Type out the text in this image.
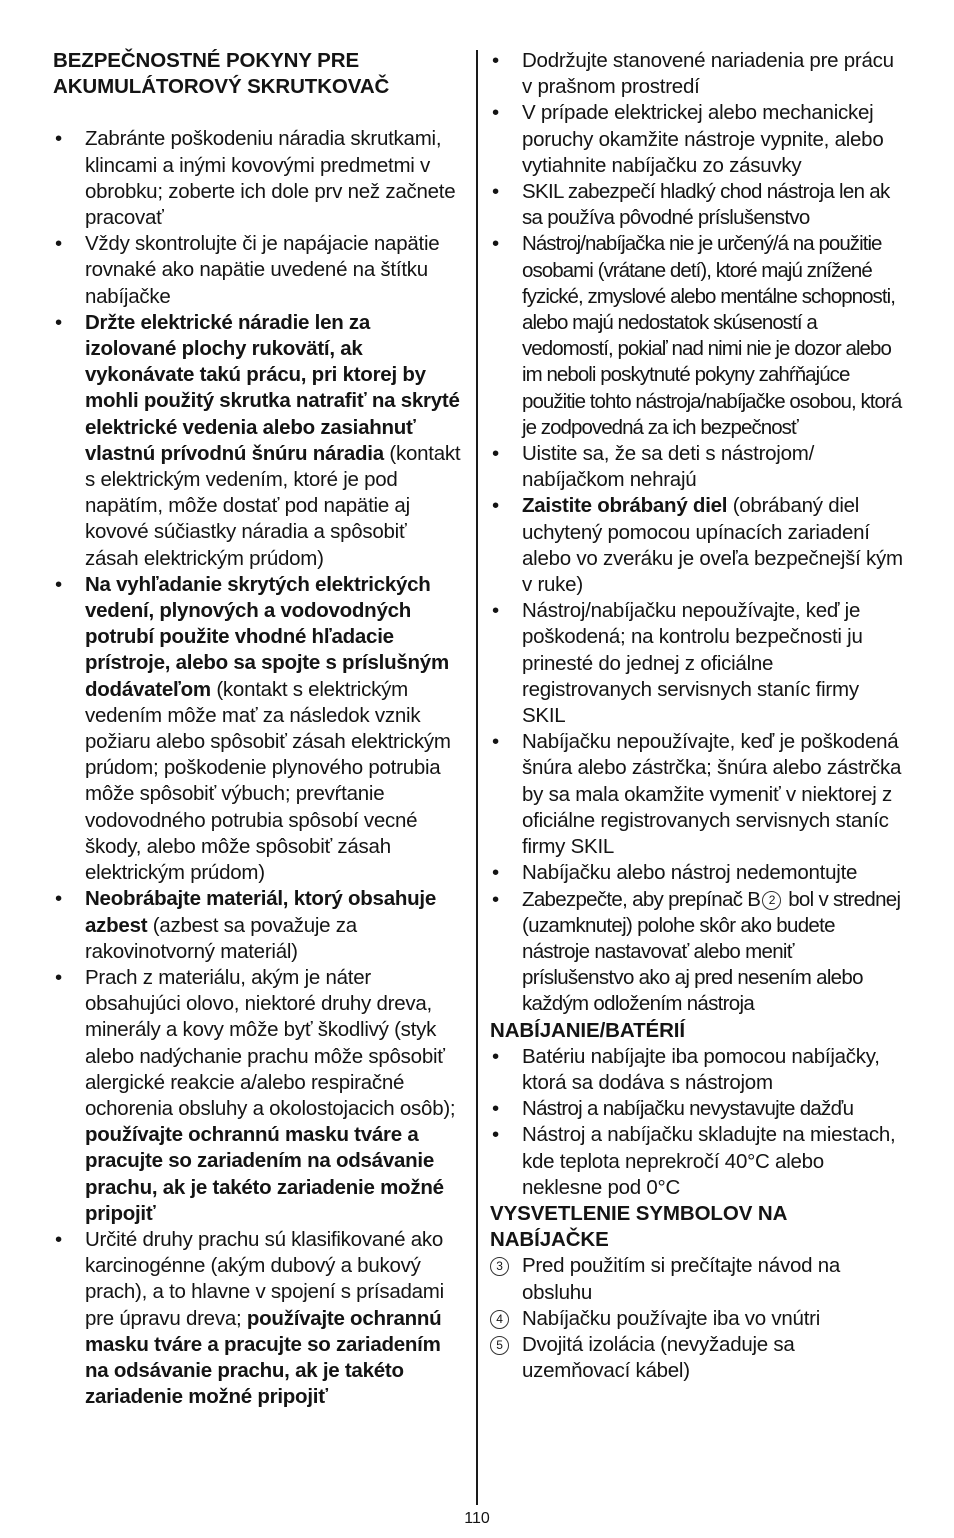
BEZPEČNOSTNÉ POKYNY PRE AKUMULÁTOROVÝ SKRUTKOVAČ

• Zabránte poškodeniu náradia skrutkami, klincami a inými kovovými predmetmi v obrobku; zoberte ich dole prv než začnete pracovať
• Vždy skontrolujte či je napájacie napätie rovnaké ako napätie uvedené na štítku nabíjačke
• Držte elektrické náradie len za izolované plochy rukovätí, ak vykonávate takú prácu, pri ktorej by mohli použitý skrutka natrafiť na skryté elektrické vedenia alebo zasiahnuť vlastnú prívodnú šnúru náradia (kontakt s elektrickým vedením, ktoré je pod napätím, môže dostať pod napätie aj kovové súčiastky náradia a spôsobiť zásah elektrickým prúdom)
• Na vyhľadanie skrytých elektrických vedení, plynových a vodovodných potrubí použite vhodné hľadacie prístroje, alebo sa spojte s príslušným dodávateľom (kontakt s elektrickým vedením môže mať za následok vznik požiaru alebo spôsobiť zásah elektrickým prúdom; poškodenie plynového potrubia môže spôsobiť výbuch; prevŕtanie vodovodného potrubia spôsobí vecné škody, alebo môže spôsobiť zásah elektrickým prúdom)
• Neobrábajte materiál, ktorý obsahuje azbest (azbest sa považuje za rakovinotvorný materiál)
• Prach z materiálu, akým je náter obsahujúci olovo, niektoré druhy dreva, minerály a kovy môže byť škodlivý (styk alebo nadýchanie prachu môže spôsobiť alergické reakcie a/alebo respiračné ochorenia obsluhy a okolostojacich osôb); používajte ochrannú masku tváre a pracujte so zariadením na odsávanie prachu, ak je takéto zariadenie možné pripojiť
• Určité druhy prachu sú klasifikované ako karcinogénne (akým dubový a bukový prach), a to hlavne v spojení s prísadami pre úpravu dreva; používajte ochrannú masku tváre a pracujte so zariadením na odsávanie prachu, ak je takéto zariadenie možné pripojiť
• Dodržujte stanovené nariadenia pre prácu v prašnom prostredí
• V prípade elektrickej alebo mechanickej poruchy okamžite nástroje vypnite, alebo vytiahnite nabíjačku zo zásuvky
• SKIL zabezpečí hladký chod nástroja len ak sa používa pôvodné príslušenstvo
• Nástroj/nabíjačka nie je určený/á na použitie osobami (vrátane detí), ktoré majú znížené fyzické, zmyslové alebo mentálne schopnosti, alebo majú nedostatok skúseností a vedomostí, pokiaľ nad nimi nie je dozor alebo im neboli poskytnuté pokyny zahŕňajúce použitie tohto nástroja/nabíjačke osobou, ktorá je zodpovedná za ich bezpečnosť
• Uistite sa, že sa deti s nástrojom/ nabíjačkom nehrajú
• Zaistite obrábaný diel (obrábaný diel uchytený pomocou upínacích zariadení alebo vo zveráku je oveľa bezpečnejší kým v ruke)
• Nástroj/nabíjačku nepoužívajte, keď je poškodená; na kontrolu bezpečnosti ju prinesté do jednej z oficiálne registrovanych servisnych staníc firmy SKIL
• Nabíjačku nepoužívajte, keď je poškodená šnúra alebo zástrčka; šnúra alebo zástrčka by sa mala okamžite vymeniť v niektorej z oficiálne registrovanych servisnych staníc firmy SKIL
• Nabíjačku alebo nástroj nedemontujte
• Zabezpečte, aby prepínač B 2 bol v strednej (uzamknutej) polohe skôr ako budete nástroje nastavovať alebo meniť príslušenstvo ako aj pred nesením alebo každým odložením nástroja

NABÍJANIE/BATÉRIÍ

• Batériu nabíjajte iba pomocou nabíjačky, ktorá sa dodáva s nástrojom
• Nástroj a nabíjačku nevystavujte dažďu
• Nástroj a nabíjačku skladujte na miestach, kde teplota neprekročí 40°C alebo neklesne pod 0°C

VYSVETLENIE SYMBOLOV NA NABÍJAČKE

3 Pred použitím si prečítajte návod na obsluhu
4 Nabíjačku používajte iba vo vnútri
5 Dvojitá izolácia (nevyžaduje sa uzemňovací kábel)
110
